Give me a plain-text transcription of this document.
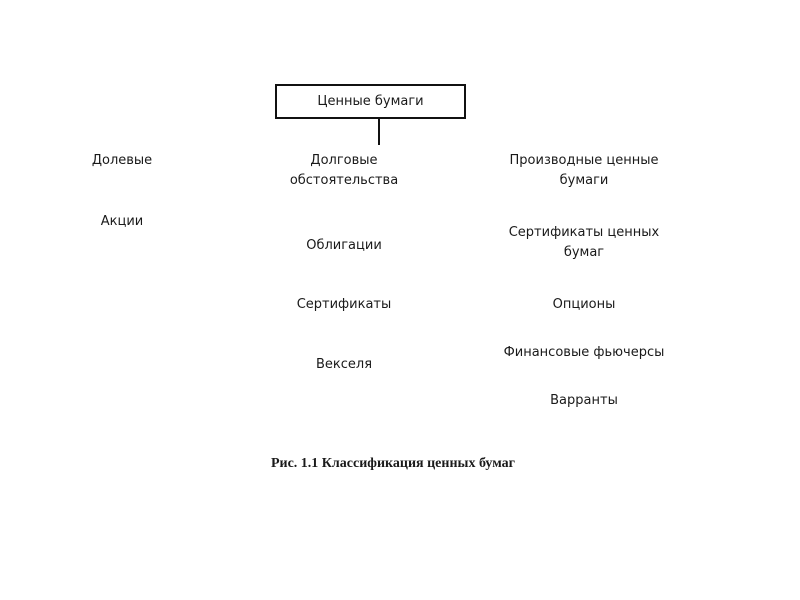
Ценные бумаги
Долевые
Акции
Долговые
обстоятельства
Облигации
Сертификаты
Векселя
Производные ценные
бумаги
Сертификаты ценных
бумаг
Опционы
Финансовые фьючерсы
Варранты
Рис. 1.1 Классификация ценных бумаг
